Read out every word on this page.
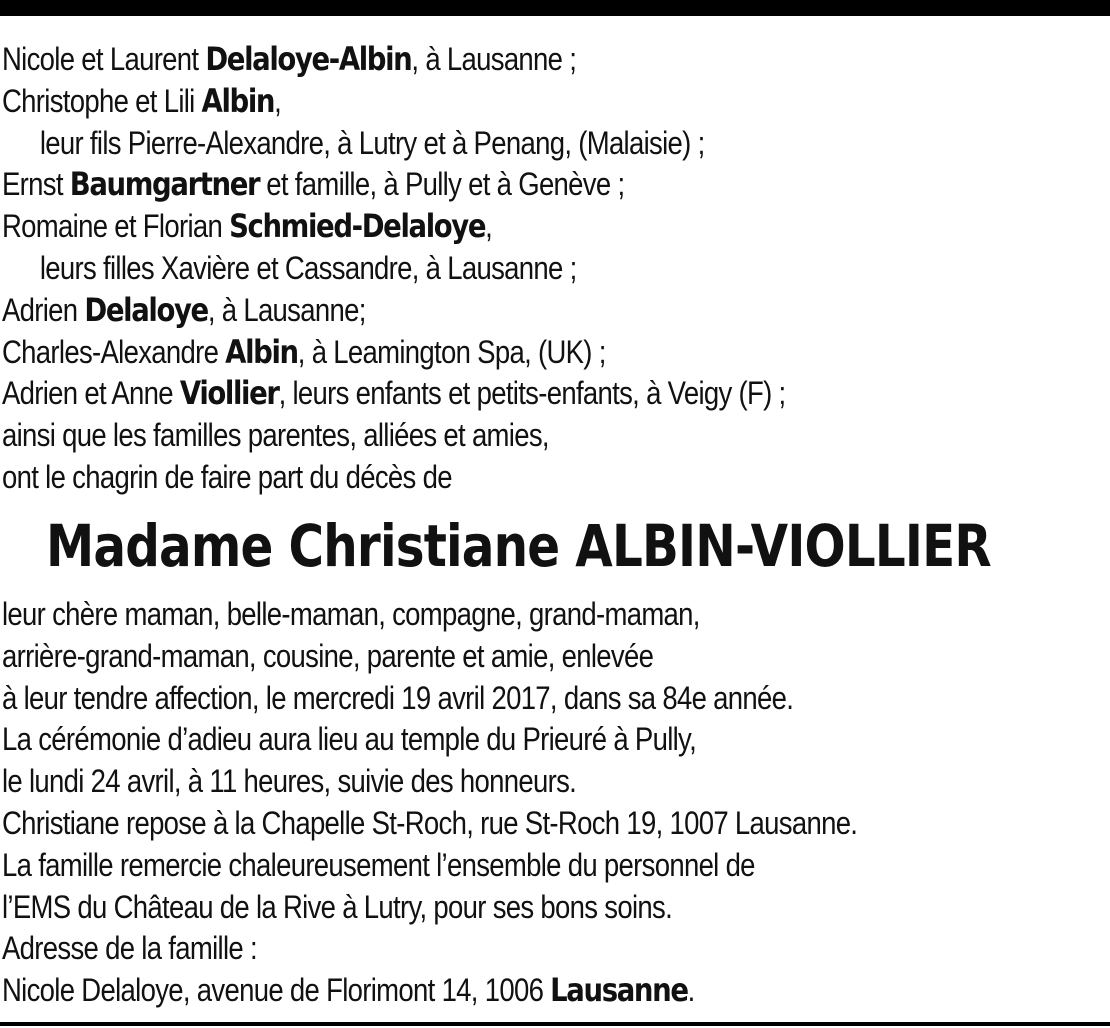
Nicole et Laurent Delaloye-Albin, à Lausanne ;
Christophe et Lili Albin,
leur fils Pierre-Alexandre, à Lutry et à Penang, (Malaisie) ;
Ernst Baumgartner et famille, à Pully et à Genève ;
Romaine et Florian Schmied-Delaloye,
leurs filles Xavière et Cassandre, à Lausanne ;
Adrien Delaloye, à Lausanne;
Charles-Alexandre Albin, à Leamington Spa, (UK) ;
Adrien et Anne Viollier, leurs enfants et petits-enfants, à Veigy (F) ;
ainsi que les familles parentes, alliées et amies,
ont le chagrin de faire part du décès de
Madame Christiane ALBIN-VIOLLIER
leur chère maman, belle-maman, compagne, grand-maman,
arrière-grand-maman, cousine, parente et amie, enlevée
à leur tendre affection, le mercredi 19 avril 2017, dans sa 84e année.
La cérémonie d’adieu aura lieu au temple du Prieuré à Pully,
le lundi 24 avril, à 11 heures, suivie des honneurs.
Christiane repose à la Chapelle St-Roch, rue St-Roch 19, 1007 Lausanne.
La famille remercie chaleureusement l’ensemble du personnel de
l’EMS du Château de la Rive à Lutry, pour ses bons soins.
Adresse de la famille :
Nicole Delaloye, avenue de Florimont 14, 1006 Lausanne.
